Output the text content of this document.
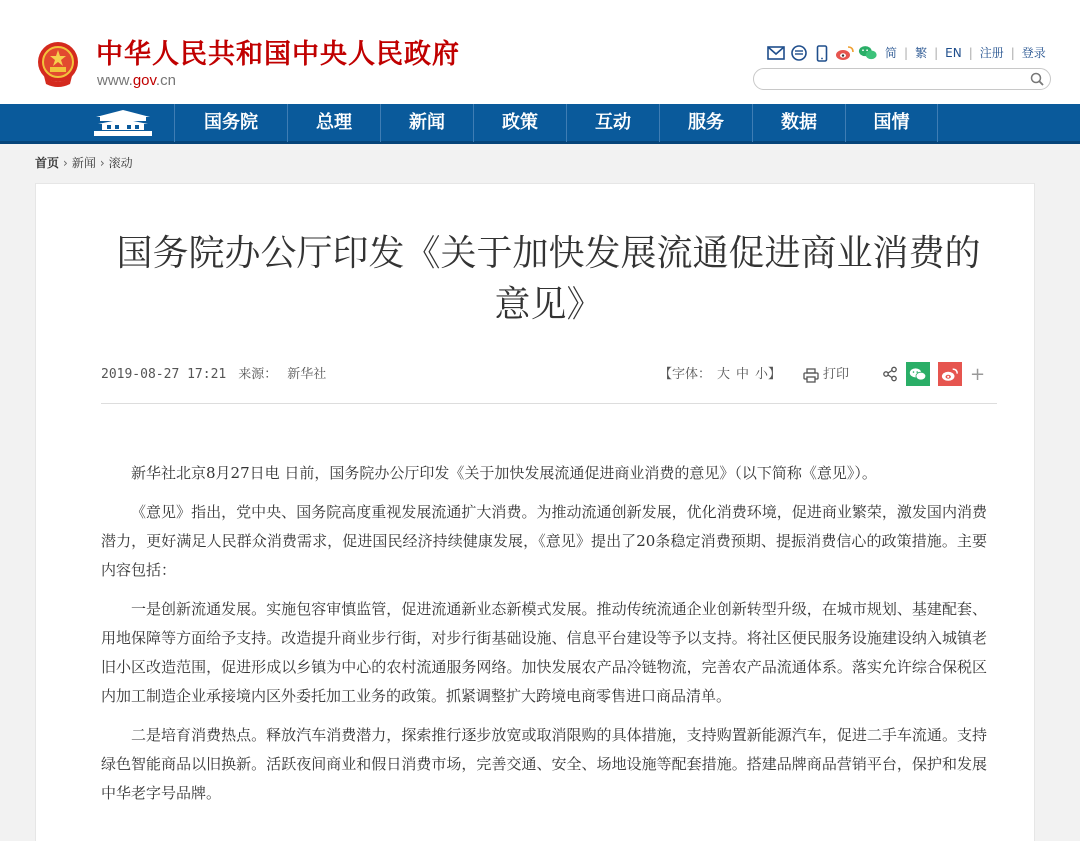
中华人民共和国中央人民政府
www.gov.cn
简 | 繁 | EN | 注册 | 登录
国务院	总理	新闻	政策	互动	服务	数据	国情
首页 › 新闻 › 滚动
国务院办公厅印发《关于加快发展流通促进商业消费的意见》
2019-08-27 17:21 来源： 新华社	【字体： 大 中 小】	打印	+

新华社北京8月27日电 日前，国务院办公厅印发《关于加快发展流通促进商业消费的意见》（以下简称《意见》）。

《意见》指出，党中央、国务院高度重视发展流通扩大消费。为推动流通创新发展，优化消费环境，促进商业繁荣，激发国内消费潜力，更好满足人民群众消费需求，促进国民经济持续健康发展，《意见》提出了20条稳定消费预期、提振消费信心的政策措施。主要内容包括：

一是创新流通发展。实施包容审慎监管，促进流通新业态新模式发展。推动传统流通企业创新转型升级，在城市规划、基建配套、用地保障等方面给予支持。改造提升商业步行街，对步行街基础设施、信息平台建设等予以支持。将社区便民服务设施建设纳入城镇老旧小区改造范围，促进形成以乡镇为中心的农村流通服务网络。加快发展农产品冷链物流，完善农产品流通体系。落实允许综合保税区内加工制造企业承接境内区外委托加工业务的政策。抓紧调整扩大跨境电商零售进口商品清单。

二是培育消费热点。释放汽车消费潜力，探索推行逐步放宽或取消限购的具体措施，支持购置新能源汽车，促进二手车流通。支持绿色智能商品以旧换新。活跃夜间商业和假日消费市场，完善交通、安全、场地设施等配套措施。搭建品牌商品营销平台，保护和发展中华老字号品牌。
